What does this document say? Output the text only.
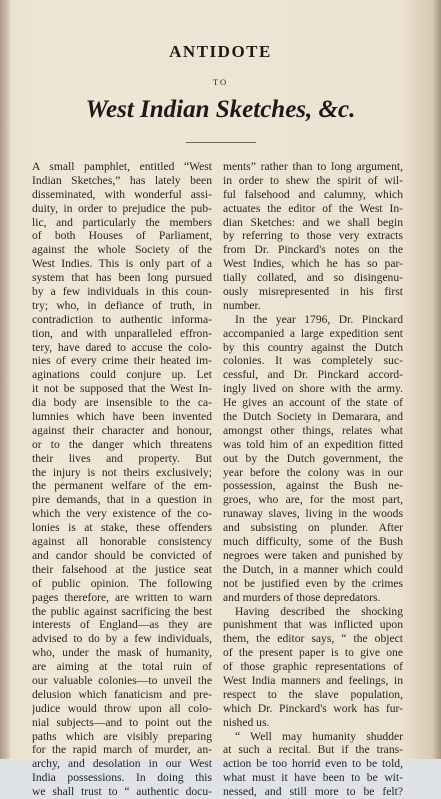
ANTIDOTE
TO
West Indian Sketches, &c.
A small pamphlet, entitled “West
Indian Sketches,” has lately been
disseminated, with wonderful assi-
duity, in order to prejudice the pub-
lic, and particularly the members
of both Houses of Parliament,
against the whole Society of the
West Indies. This is only part of a
system that has been long pursued
by a few individuals in this coun-
try; who, in defiance of truth, in
contradiction to authentic informa-
tion, and with unparalleled effron-
tery, have dared to accuse the colo-
nies of every crime their heated im-
aginations could conjure up. Let
it not be supposed that the West In-
dia body are insensible to the ca-
lumnies which have been invented
against their character and honour,
or to the danger which threatens
their lives and property. But
the injury is not theirs exclusively;
the permanent welfare of the em-
pire demands, that in a question in
which the very existence of the co-
lonies is at stake, these offenders
against all honorable consistency
and candor should be convicted of
their falsehood at the justice seat
of public opinion. The following
pages therefore, are written to warn
the public against sacrificing the best
interests of England—as they are
advised to do by a few individuals,
who, under the mask of humanity,
are aiming at the total ruin of
our valuable colonies—to unveil the
delusion which fanaticism and pre-
judice would throw upon all colo-
nial subjects—and to point out the
paths which are visibly preparing
for the rapid march of murder, an-
archy, and desolation in our West
India possessions. In doing this
we shall trust to “ authentic docu-
ments” rather than to long argument,
in order to shew the spirit of wil-
ful falsehood and calumny, which
actuates the editor of the West In-
dian Sketches: and we shall begin
by referring to those very extracts
from Dr. Pinckard's notes on the
West Indies, which he has so par-
tially collated, and so disingenu-
ously misrepresented in his first
number.
In the year 1796, Dr. Pinckard
accompanied a large expedition sent
by this country against the Dutch
colonies. It was completely suc-
cessful, and Dr. Pinckard accord-
ingly lived on shore with the army.
He gives an account of the state of
the Dutch Society in Demarara, and
amongst other things, relates what
was told him of an expedition fitted
out by the Dutch government, the
year before the colony was in our
possession, against the Bush ne-
groes, who are, for the most part,
runaway slaves, living in the woods
and subsisting on plunder. After
much difficulty, some of the Bush
negroes were taken and punished by
the Dutch, in a manner which could
not be justified even by the crimes
and murders of those depredators.
Having described the shocking
punishment that was inflicted upon
them, the editor says, “ the object
of the present paper is to give one
of those graphic representations of
West India manners and feelings, in
respect to the slave population,
which Dr. Pinckard's work has fur-
nished us.
“ Well may humanity shudder
at such a recital. But if the trans-
action be too horrid even to be told,
what must it have been to be wit-
nessed, and still more to be felt?
